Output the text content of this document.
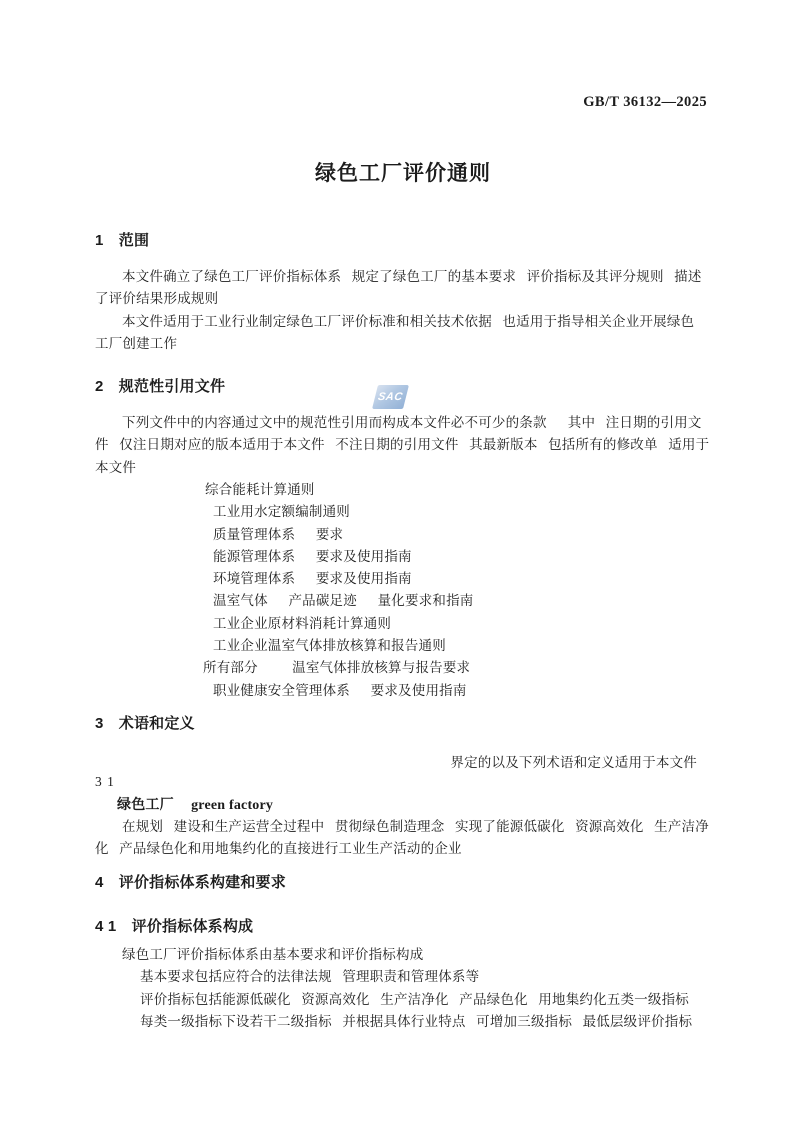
GB/T 36132—2025
绿色工厂评价通则
SAC
1　范围
本文件确立了绿色工厂评价指标体系  规定了绿色工厂的基本要求  评价指标及其评分规则  描述
了评价结果形成规则
本文件适用于工业行业制定绿色工厂评价标准和相关技术依据  也适用于指导相关企业开展绿色
工厂创建工作
2　规范性引用文件
下列文件中的内容通过文中的规范性引用而构成本文件必不可少的条款    其中  注日期的引用文
件  仅注日期对应的版本适用于本文件  不注日期的引用文件  其最新版本  包括所有的修改单  适用于
本文件
综合能耗计算通则
工业用水定额编制通则
质量管理体系　 要求
能源管理体系　 要求及使用指南
环境管理体系　 要求及使用指南
温室气体　 产品碳足迹　 量化要求和指南
工业企业原材料消耗计算通则
工业企业温室气体排放核算和报告通则
所有部分　　 温室气体排放核算与报告要求
职业健康安全管理体系　 要求及使用指南
3　术语和定义
界定的以及下列术语和定义适用于本文件
3 1
绿色工厂　 green factory
在规划  建设和生产运营全过程中  贯彻绿色制造理念  实现了能源低碳化  资源高效化  生产洁净
化  产品绿色化和用地集约化的直接进行工业生产活动的企业
4　评价指标体系构建和要求
4 1　评价指标体系构成
绿色工厂评价指标体系由基本要求和评价指标构成
基本要求包括应符合的法律法规  管理职责和管理体系等
评价指标包括能源低碳化  资源高效化  生产洁净化  产品绿色化  用地集约化五类一级指标
每类一级指标下设若干二级指标  并根据具体行业特点  可增加三级指标  最低层级评价指标
